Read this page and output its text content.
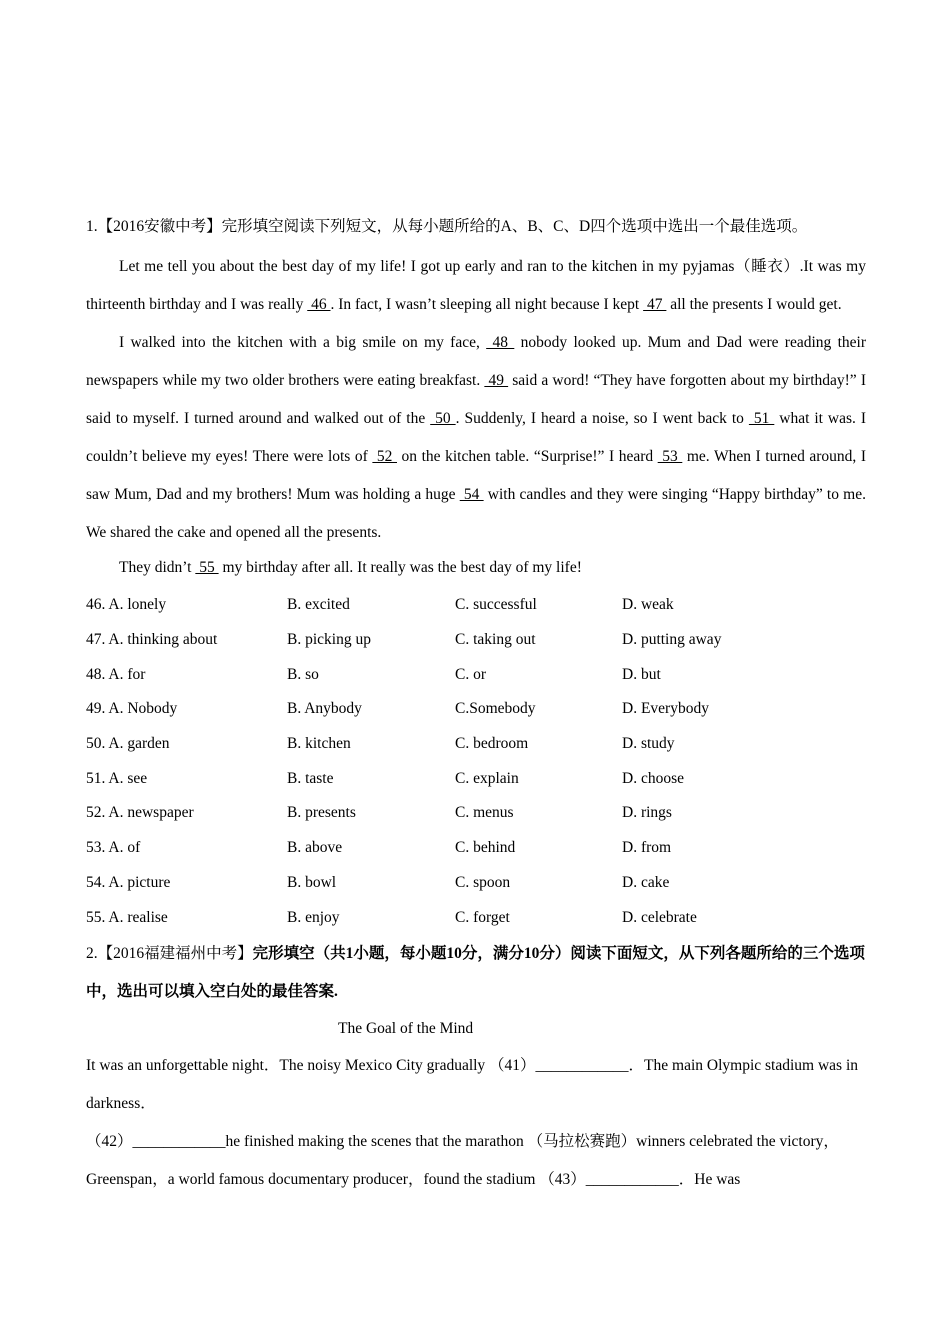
1.【2016安徽中考】完形填空阅读下列短文，从每小题所给的A、B、C、D四个选项中选出一个最佳选项。

Let me tell you about the best day of my life! I got up early and ran to the kitchen in my pyjamas（睡衣）.It was my thirteenth birthday and I was really  46 . In fact, I wasn’t sleeping all night because I kept  47  all the presents I would get.

I walked into the kitchen with a big smile on my face,  48  nobody looked up. Mum and Dad were reading their newspapers while my two older brothers were eating breakfast.  49  said a word! “They have forgotten about my birthday!” I said to myself. I turned around and walked out of the  50 . Suddenly, I heard a noise, so I went back to  51  what it was. I couldn’t believe my eyes! There were lots of  52  on the kitchen table. “Surprise!” I heard  53  me. When I turned around, I saw Mum, Dad and my brothers! Mum was holding a huge  54  with candles and they were singing “Happy birthday” to me. We shared the cake and opened all the presents.

They didn’t  55  my birthday after all. It really was the best day of my life!

46. A. lonely	B. excited	C. successful	D. weak
47. A. thinking about	B. picking up	C. taking out	D. putting away
48. A. for	B. so	C. or	D. but
49. A. Nobody	B. Anybody	C.Somebody	D. Everybody
50. A. garden	B. kitchen	C. bedroom	D. study
51. A. see	B. taste	C. explain	D. choose
52. A. newspaper	B. presents	C. menus	D. rings
53. A. of	B. above	C. behind	D. from
54. A. picture	B. bowl	C. spoon	D. cake
55. A. realise	B. enjoy	C. forget	D. celebrate
2.【2016福建福州中考】完形填空（共1小题，每小题10分，满分10分）阅读下面短文，从下列各题所给的三个选项中，选出可以填入空白处的最佳答案.
The Goal of the Mind

It was an unforgettable night．The noisy Mexico City gradually （41）____________．The main Olympic stadium was in darkness．

（42）____________he finished making the scenes that the marathon （马拉松赛跑）winners celebrated the victory，Greenspan，a world famous documentary producer，found the stadium （43）____________．He was
